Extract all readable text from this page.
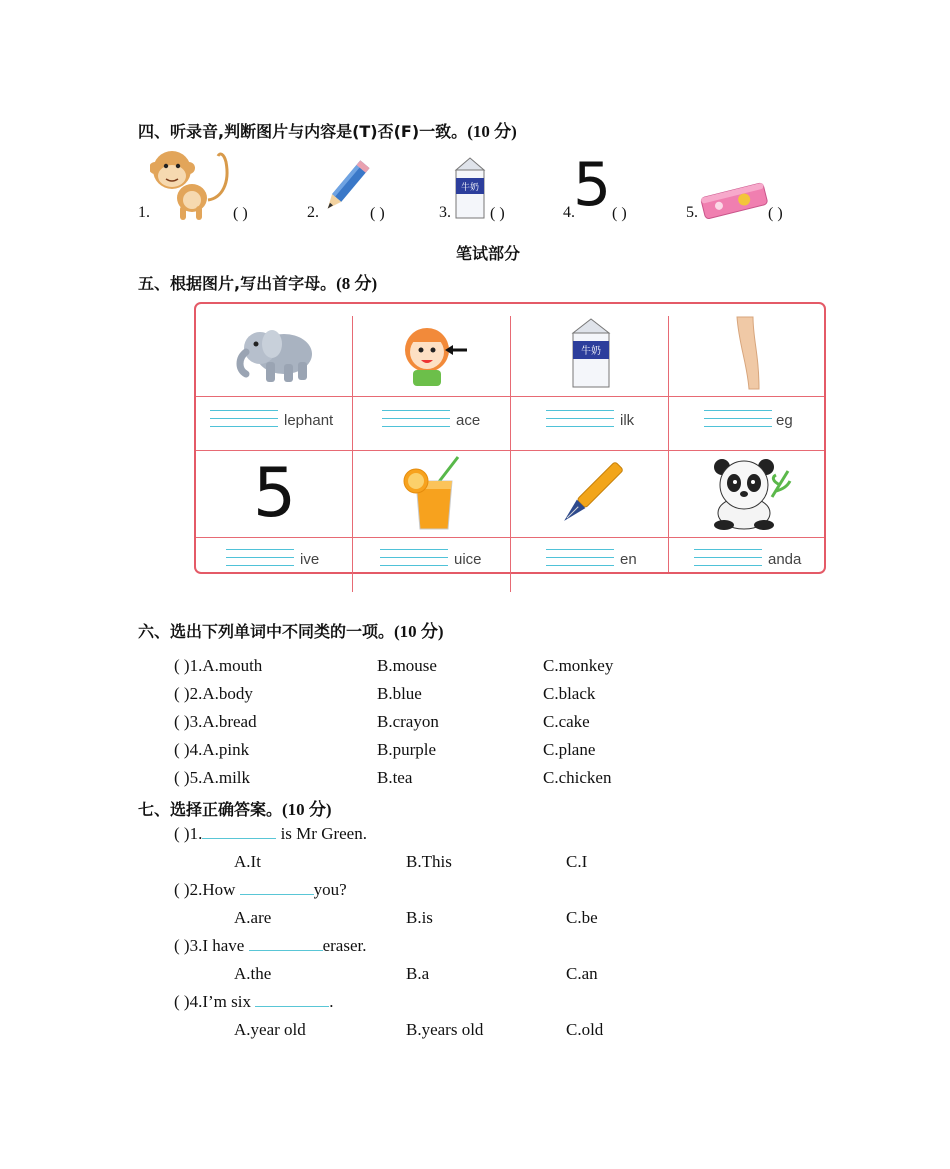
四、听录音,判断图片与内容是(T)否(F)一致。(10 分)
1.	( )	2.	( )	3.
牛奶
( )	4.
5 ( )	5.	( )
笔试部分
五、根据图片,写出首字母。(8 分)
牛奶
lephant	ace	ilk	eg
5
ive	uice	en	anda
六、选出下列单词中不同类的一项。(10 分)
( )1.A.mouth	B.mouse	C.monkey
( )2.A.body	B.blue	C.black
( )3.A.bread	B.crayon	C.cake
( )4.A.pink	B.purple	C.plane
( )5.A.milk	B.tea	C.chicken
七、选择正确答案。(10 分)
( )1.	is Mr Green.
A.It	B.This	C.I
( )2.How	you?
A.are	B.is	C.be
( )3.I have	eraser.
A.the	B.a	C.an
( )4.I’m six	.
A.year old	B.years old	C.old
